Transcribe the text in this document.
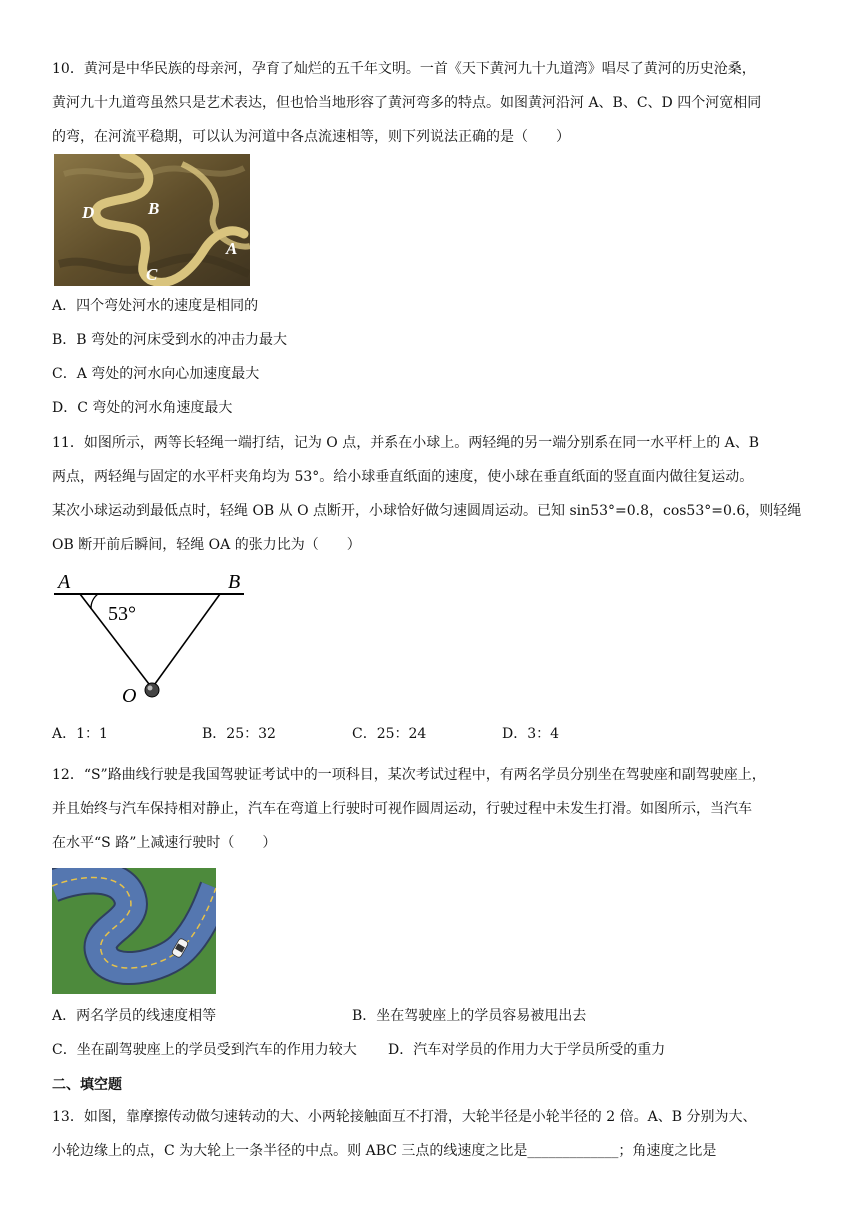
10．黄河是中华民族的母亲河，孕育了灿烂的五千年文明。一首《天下黄河九十九道湾》唱尽了黄河的历史沧桑，

黄河九十九道弯虽然只是艺术表达，但也恰当地形容了黄河弯多的特点。如图黄河沿河 A、B、C、D 四个河宽相同

的弯，在河流平稳期，可以认为河道中各点流速相等，则下列说法正确的是（　　）

D	B
A
C
A．四个弯处河水的速度是相同的
B．B 弯处的河床受到水的冲击力最大
C．A 弯处的河水向心加速度最大
D．C 弯处的河水角速度最大

11．如图所示，两等长轻绳一端打结，记为 O 点，并系在小球上。两轻绳的另一端分别系在同一水平杆上的 A、B

两点，两轻绳与固定的水平杆夹角均为 53°。给小球垂直纸面的速度，使小球在垂直纸面的竖直面内做往复运动。

某次小球运动到最低点时，轻绳 OB 从 O 点断开，小球恰好做匀速圆周运动。已知 sin53°=0.8，cos53°=0.6，则轻绳

OB 断开前后瞬间，轻绳 OA 的张力比为（　　）

A	B
53°
O
A．1：1	B．25：32	C．25：24	D．3：4

12．“S”路曲线行驶是我国驾驶证考试中的一项科目，某次考试过程中，有两名学员分别坐在驾驶座和副驾驶座上，

并且始终与汽车保持相对静止，汽车在弯道上行驶时可视作圆周运动，行驶过程中未发生打滑。如图所示，当汽车

在水平“S 路”上减速行驶时（　　）

A．两名学员的线速度相等	B．坐在驾驶座上的学员容易被甩出去
C．坐在副驾驶座上的学员受到汽车的作用力较大 D．汽车对学员的作用力大于学员所受的重力
二、填空题

13．如图，靠摩擦传动做匀速转动的大、小两轮接触面互不打滑，大轮半径是小轮半径的 2 倍。A、B 分别为大、

小轮边缘上的点，C 为大轮上一条半径的中点。则 ABC 三点的线速度之比是_____________；角速度之比是
